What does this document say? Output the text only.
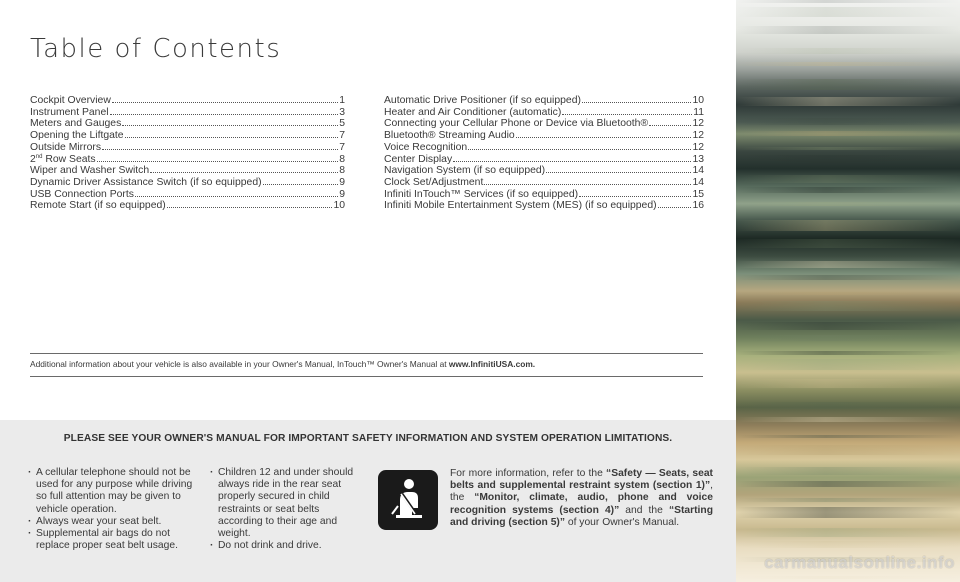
Table of Contents
Cockpit Overview	1
Instrument Panel	3
Meters and Gauges	5
Opening the Liftgate	7
Outside Mirrors	7
2nd Row Seats	8
Wiper and Washer Switch	8
Dynamic Driver Assistance Switch (if so equipped)	9
USB Connection Ports	9
Remote Start (if so equipped)	10
Automatic Drive Positioner (if so equipped)	10
Heater and Air Conditioner (automatic)	11
Connecting your Cellular Phone or Device via Bluetooth®	12
Bluetooth® Streaming Audio	12
Voice Recognition	12
Center Display	13
Navigation System (if so equipped)	14
Clock Set/Adjustment	14
Infiniti InTouch™ Services (if so equipped)	15
Infiniti Mobile Entertainment System (MES) (if so equipped)	16

Additional information about your vehicle is also available in your Owner's Manual, InTouch™ Owner's Manual at www.InfinitiUSA.com.

PLEASE SEE YOUR OWNER'S MANUAL FOR IMPORTANT SAFETY INFORMATION AND SYSTEM OPERATION LIMITATIONS.
· A cellular telephone should not be used for any purpose while driving so full attention may be given to vehicle operation.
· Always wear your seat belt.
· Supplemental air bags do not replace proper seat belt usage.
· Children 12 and under should always ride in the rear seat properly secured in child restraints or seat belts according to their age and weight.
· Do not drink and drive.

For more information, refer to the “Safety — Seats, seat belts and supplemental restraint system (section 1)”, the “Monitor, climate, audio, phone and voice recognition systems (section 4)” and the “Starting and driving (section 5)” of your Owner's Manual.

carmanualsonline.info
